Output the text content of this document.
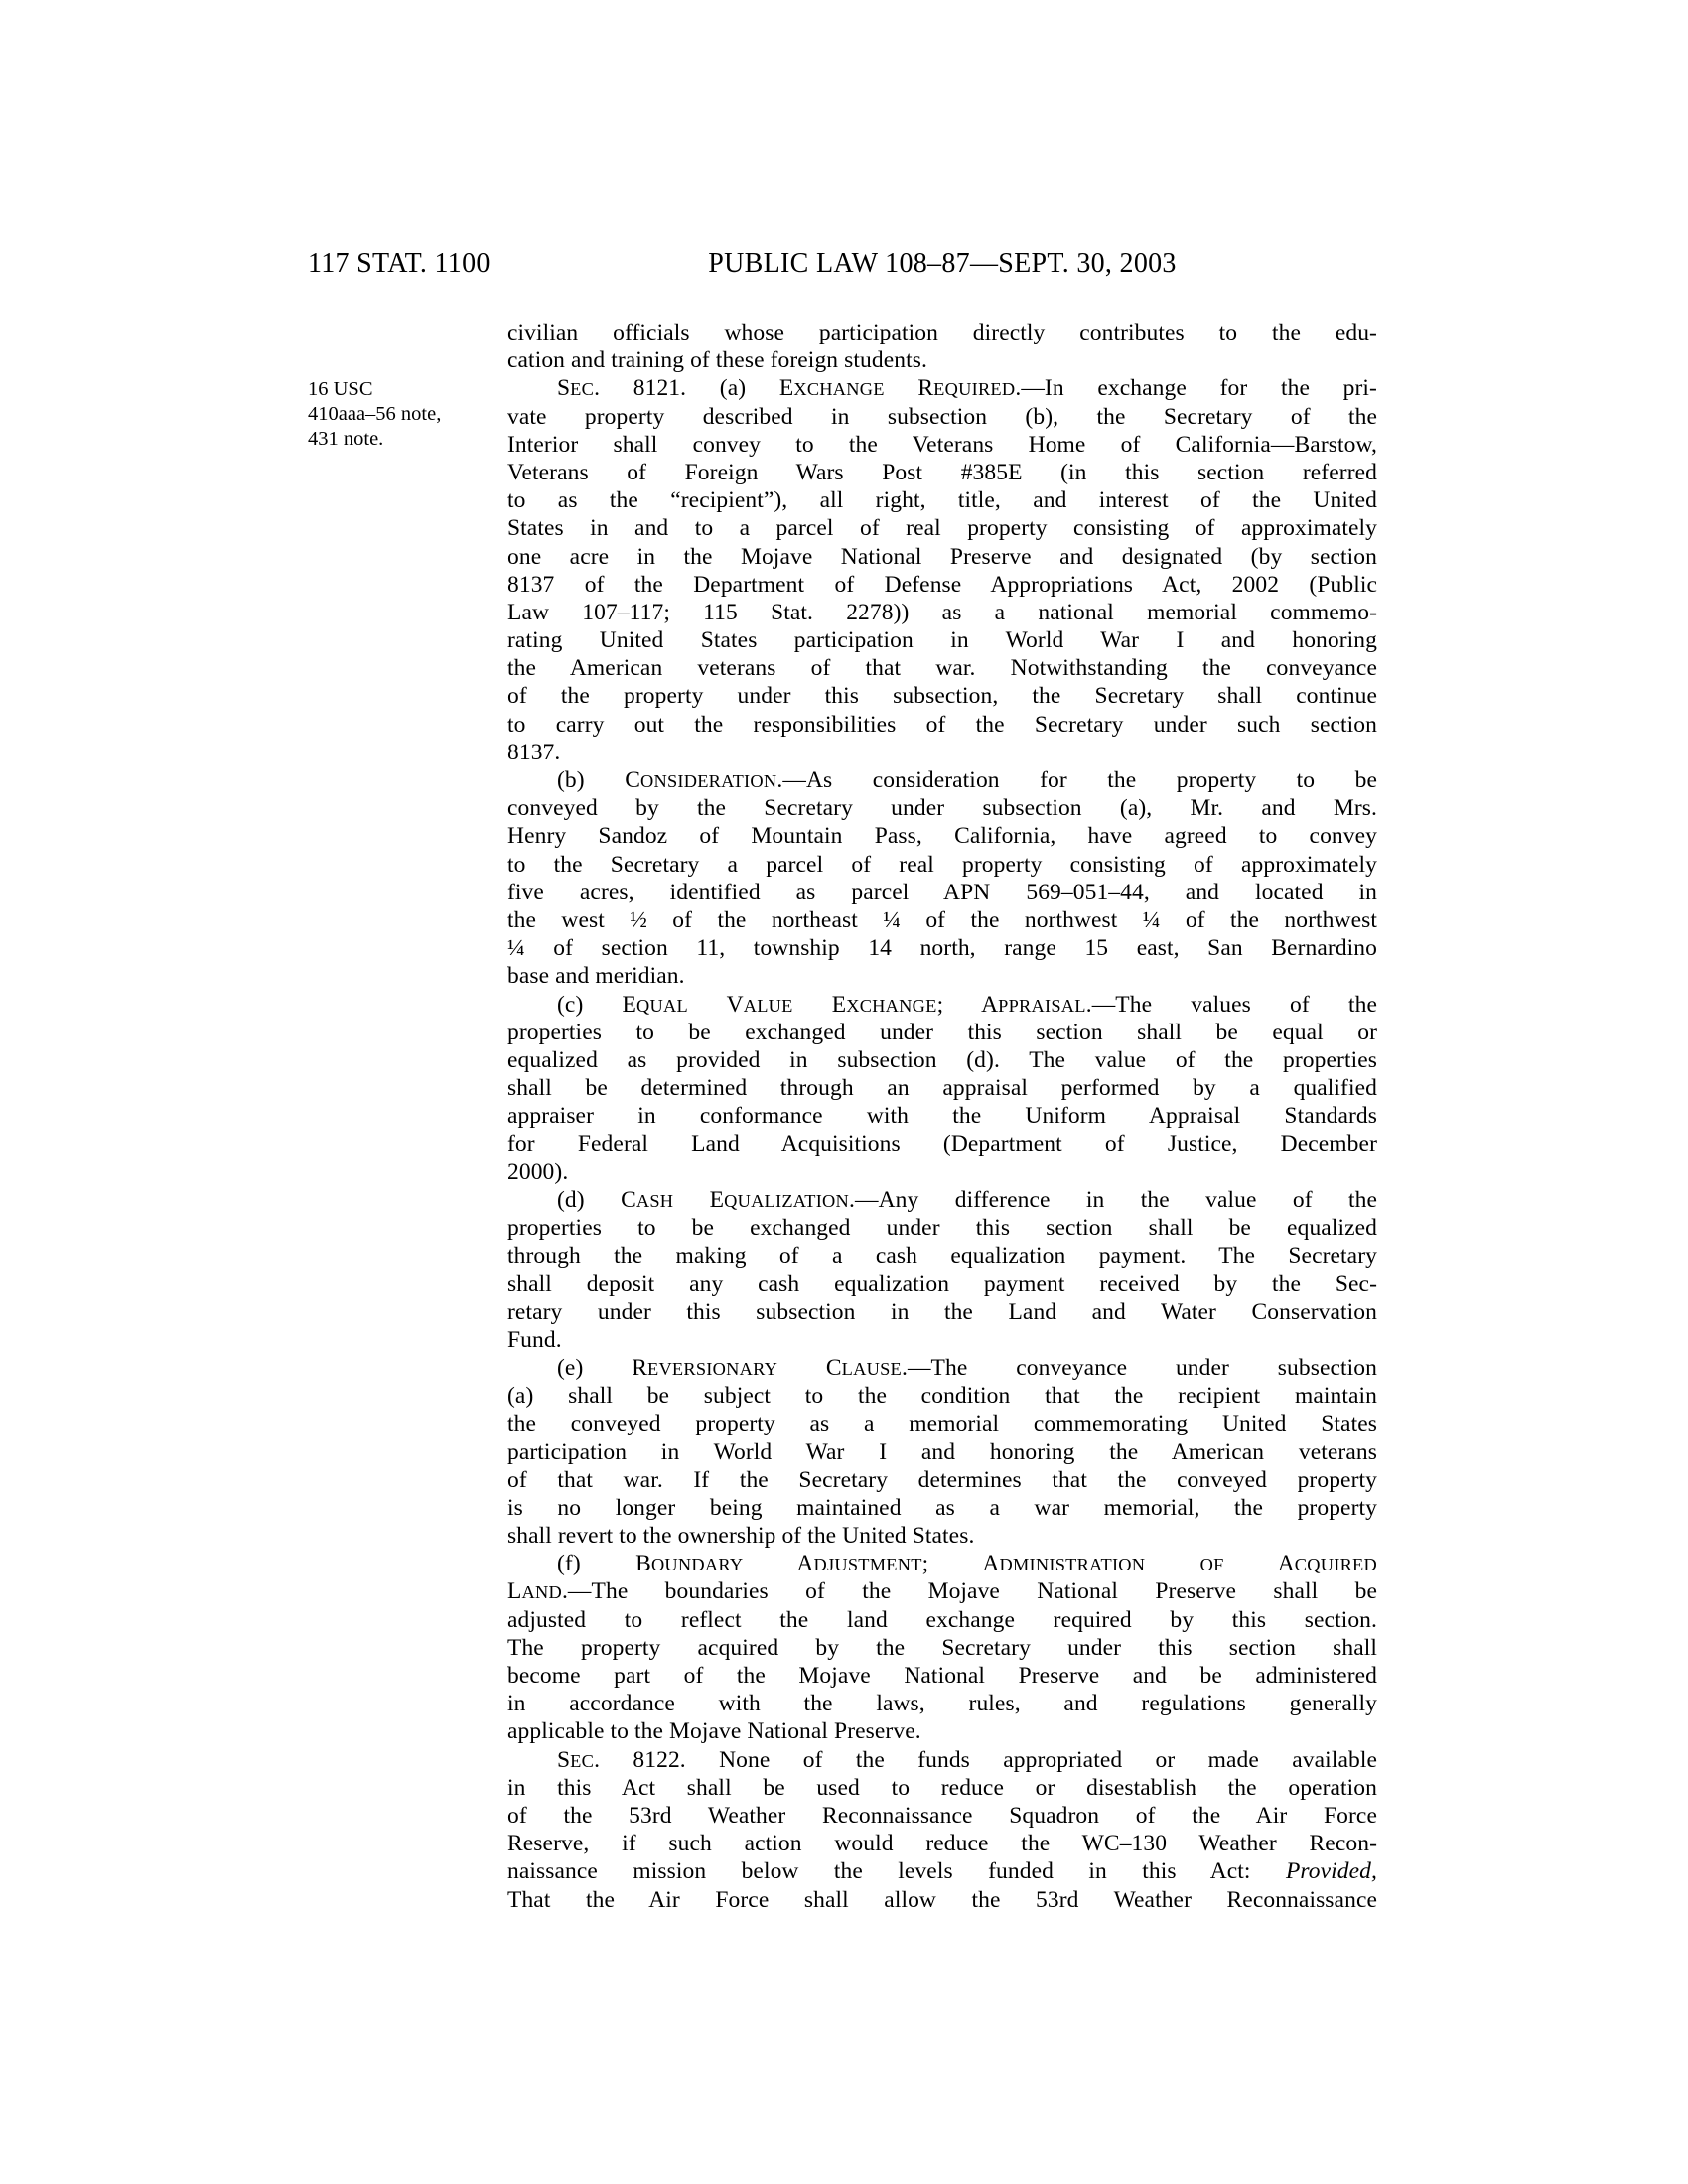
117 STAT. 1100	PUBLIC LAW 108–87—SEPT. 30, 2003
16 USC
410aaa–56 note,
431 note.
civilian officials whose participation directly contributes to the edu-
cation and training of these foreign students.
SEC. 8121. (a) EXCHANGE REQUIRED.—In exchange for the pri-
vate property described in subsection (b), the Secretary of the
Interior shall convey to the Veterans Home of California—Barstow,
Veterans of Foreign Wars Post #385E (in this section referred
to as the “recipient”), all right, title, and interest of the United
States in and to a parcel of real property consisting of approximately
one acre in the Mojave National Preserve and designated (by section
8137 of the Department of Defense Appropriations Act, 2002 (Public
Law 107–117; 115 Stat. 2278)) as a national memorial commemo-
rating United States participation in World War I and honoring
the American veterans of that war. Notwithstanding the conveyance
of the property under this subsection, the Secretary shall continue
to carry out the responsibilities of the Secretary under such section
8137.
(b) CONSIDERATION.—As consideration for the property to be
conveyed by the Secretary under subsection (a), Mr. and Mrs.
Henry Sandoz of Mountain Pass, California, have agreed to convey
to the Secretary a parcel of real property consisting of approximately
five acres, identified as parcel APN 569–051–44, and located in
the west ½ of the northeast ¼ of the northwest ¼ of the northwest
¼ of section 11, township 14 north, range 15 east, San Bernardino
base and meridian.
(c) EQUAL VALUE EXCHANGE; APPRAISAL.—The values of the
properties to be exchanged under this section shall be equal or
equalized as provided in subsection (d). The value of the properties
shall be determined through an appraisal performed by a qualified
appraiser in conformance with the Uniform Appraisal Standards
for Federal Land Acquisitions (Department of Justice, December
2000).
(d) CASH EQUALIZATION.—Any difference in the value of the
properties to be exchanged under this section shall be equalized
through the making of a cash equalization payment. The Secretary
shall deposit any cash equalization payment received by the Sec-
retary under this subsection in the Land and Water Conservation
Fund.
(e) REVERSIONARY CLAUSE.—The conveyance under subsection
(a) shall be subject to the condition that the recipient maintain
the conveyed property as a memorial commemorating United States
participation in World War I and honoring the American veterans
of that war. If the Secretary determines that the conveyed property
is no longer being maintained as a war memorial, the property
shall revert to the ownership of the United States.
(f) BOUNDARY ADJUSTMENT; ADMINISTRATION	OF ACQUIRED
LAND.—The boundaries of the Mojave National Preserve shall be
adjusted to reflect the land exchange required by this section.
The property acquired by the Secretary under this section shall
become part of the Mojave National Preserve and be administered
in accordance with the laws, rules, and regulations generally
applicable to the Mojave National Preserve.
SEC. 8122. None of the funds appropriated or made available
in this Act shall be used to reduce or disestablish the operation
of the 53rd Weather Reconnaissance Squadron of the Air Force
Reserve, if such action would reduce the WC–130 Weather Recon-
naissance mission below the levels funded in this Act: Provided,
That the Air Force shall allow the 53rd Weather Reconnaissance
